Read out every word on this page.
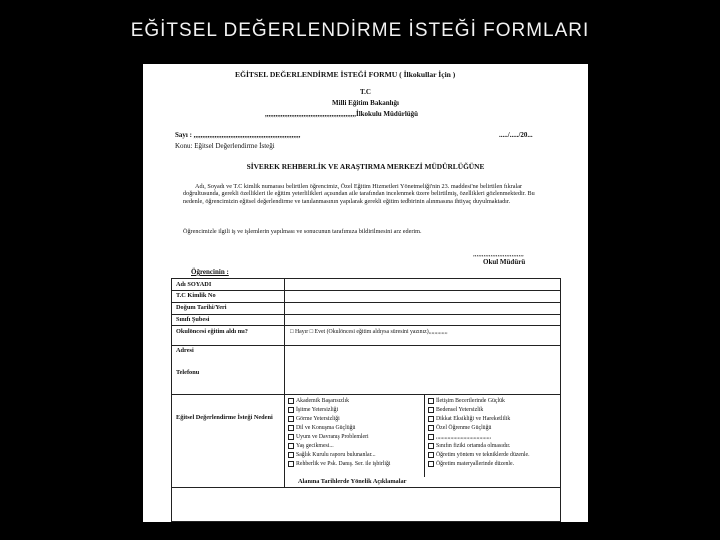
EĞİTSEL DEĞERLENDİRME İSTEĞİ FORMLARI
EĞİTSEL DEĞERLENDİRME İSTEĞİ FORMU ( İlkokullar İçin )
T.C
Milli Eğitim Bakanlığı
,,,,,,,,,,,,,,,,,,,,,,,,,,,,,,,,,,,,,,,,,,,,,,,,,,,,İlkokulu Müdürlüğü
Sayı : ,,,,,,,,,,,,,,,,,,,,,,,,,,,,,,,,,,,,,,,,,,,,,,,,,,,,,,,,,,,,,	...../...../20...
Konu: Eğitsel Değerlendirme İsteği
SİVEREK REHBERLİK VE ARAŞTIRMA MERKEZİ MÜDÜRLÜĞÜNE
Adı, Soyadı ve T.C kimlik numarası belirtilen öğrencimiz, Özel Eğitim Hizmetleri Yönetmeliği'nin 23. maddesi'ne belirtilen fıkralar doğrultusunda, gerekli özellikleri ile eğitim yeterlilikleri açısından aile tarafından incelenmek üzere belirtilmiş, özellikleri gözlenmektedir. Bu nedenle, öğrencimizin eğitsel değerlendirme ve tanılanmasının yapılarak gerekli eğitim tedbirinin alınmasına ihtiyaç duyulmaktadır.
Öğrencimizle ilgili iş ve işlemlerin yapılması ve sonucunun tarafımıza bildirilmesini arz ederim.
,,,,,,,,,,,,,,,,,,,,,,,,,,,,,
Okul Müdürü
Öğrencinin :
Adı SOYADI
T.C Kimlik No
Doğum Tarihi/Yeri
Sınıfı Şubesi
Okulöncesi eğitim aldı mı?	□ Hayır □ Evet (Okulöncesi eğitim aldıysa süresini yazınız),,,,,,,,,,,,,
Adresi
Telefonu
Eğitsel Değerlendirme İsteği Nedeni
Akademik Başarısızlık
İşitme Yetersizliği
Görme Yetersizliği
Dil ve Konuşma Güçlüğü
Uyum ve Davranış Problemleri
Yaş gecikmesi...
Sağlık Kurulu raporu bulunanlar...
Rehberlik ve Psk. Danış. Ser. ile işbirliği
İletişim Becerilerinde Güçlük
Bedensel Yetersizlik
Dikkat Eksikliği ve Hareketlilik
Özel Öğrenme Güçlüğü
,,,,,,,,,,,,,,,,,,,,,,,,,,,,,,,,,,,,,,
Sınıfın fiziki ortamda olmasıdır.
Öğretim yöntem ve tekniklerde düzenle.
Öğretim materyallerinde düzenle.
Alanına Tarihlerde Yönelik Açıklamalar
